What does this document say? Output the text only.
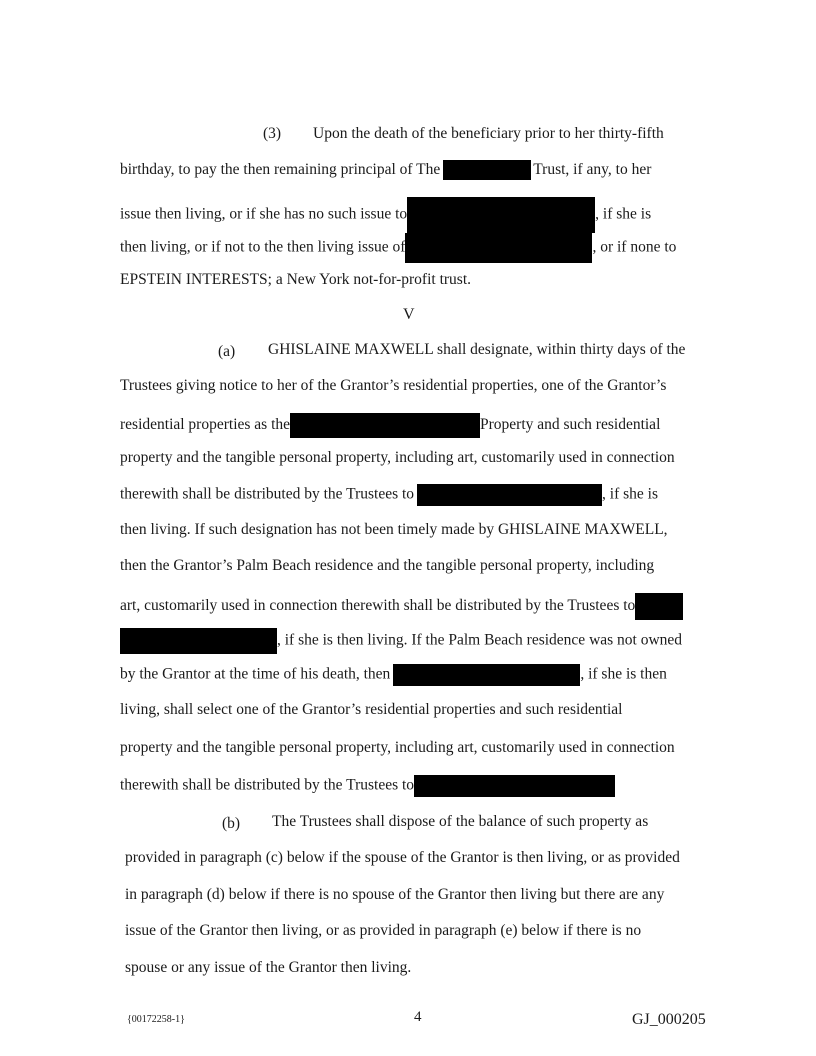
(3) Upon the death of the beneficiary prior to her thirty-fifth
birthday, to pay the then remaining principal of The	Trust, if any, to her
issue then living, or if she has no such issue to	, if she is
then living, or if not to the then living issue of	, or if none to
EPSTEIN INTERESTS; a New York not-for-profit trust.
V
(a) GHISLAINE MAXWELL shall designate, within thirty days of the
Trustees giving notice to her of the Grantor’s residential properties, one of the Grantor’s
residential properties as the	Property and such residential
property and the tangible personal property, including art, customarily used in connection
therewith shall be distributed by the Trustees to	, if she is
then living. If such designation has not been timely made by GHISLAINE MAXWELL,
then the Grantor’s Palm Beach residence and the tangible personal property, including
art, customarily used in connection therewith shall be distributed by the Trustees to
, if she is then living. If the Palm Beach residence was not owned
by the Grantor at the time of his death, then	, if she is then
living, shall select one of the Grantor’s residential properties and such residential
property and the tangible personal property, including art, customarily used in connection
therewith shall be distributed by the Trustees to
(b) The Trustees shall dispose of the balance of such property as
provided in paragraph (c) below if the spouse of the Grantor is then living, or as provided
in paragraph (d) below if there is no spouse of the Grantor then living but there are any
issue of the Grantor then living, or as provided in paragraph (e) below if there is no
spouse or any issue of the Grantor then living.
{00172258-1}	4	GJ_000205
